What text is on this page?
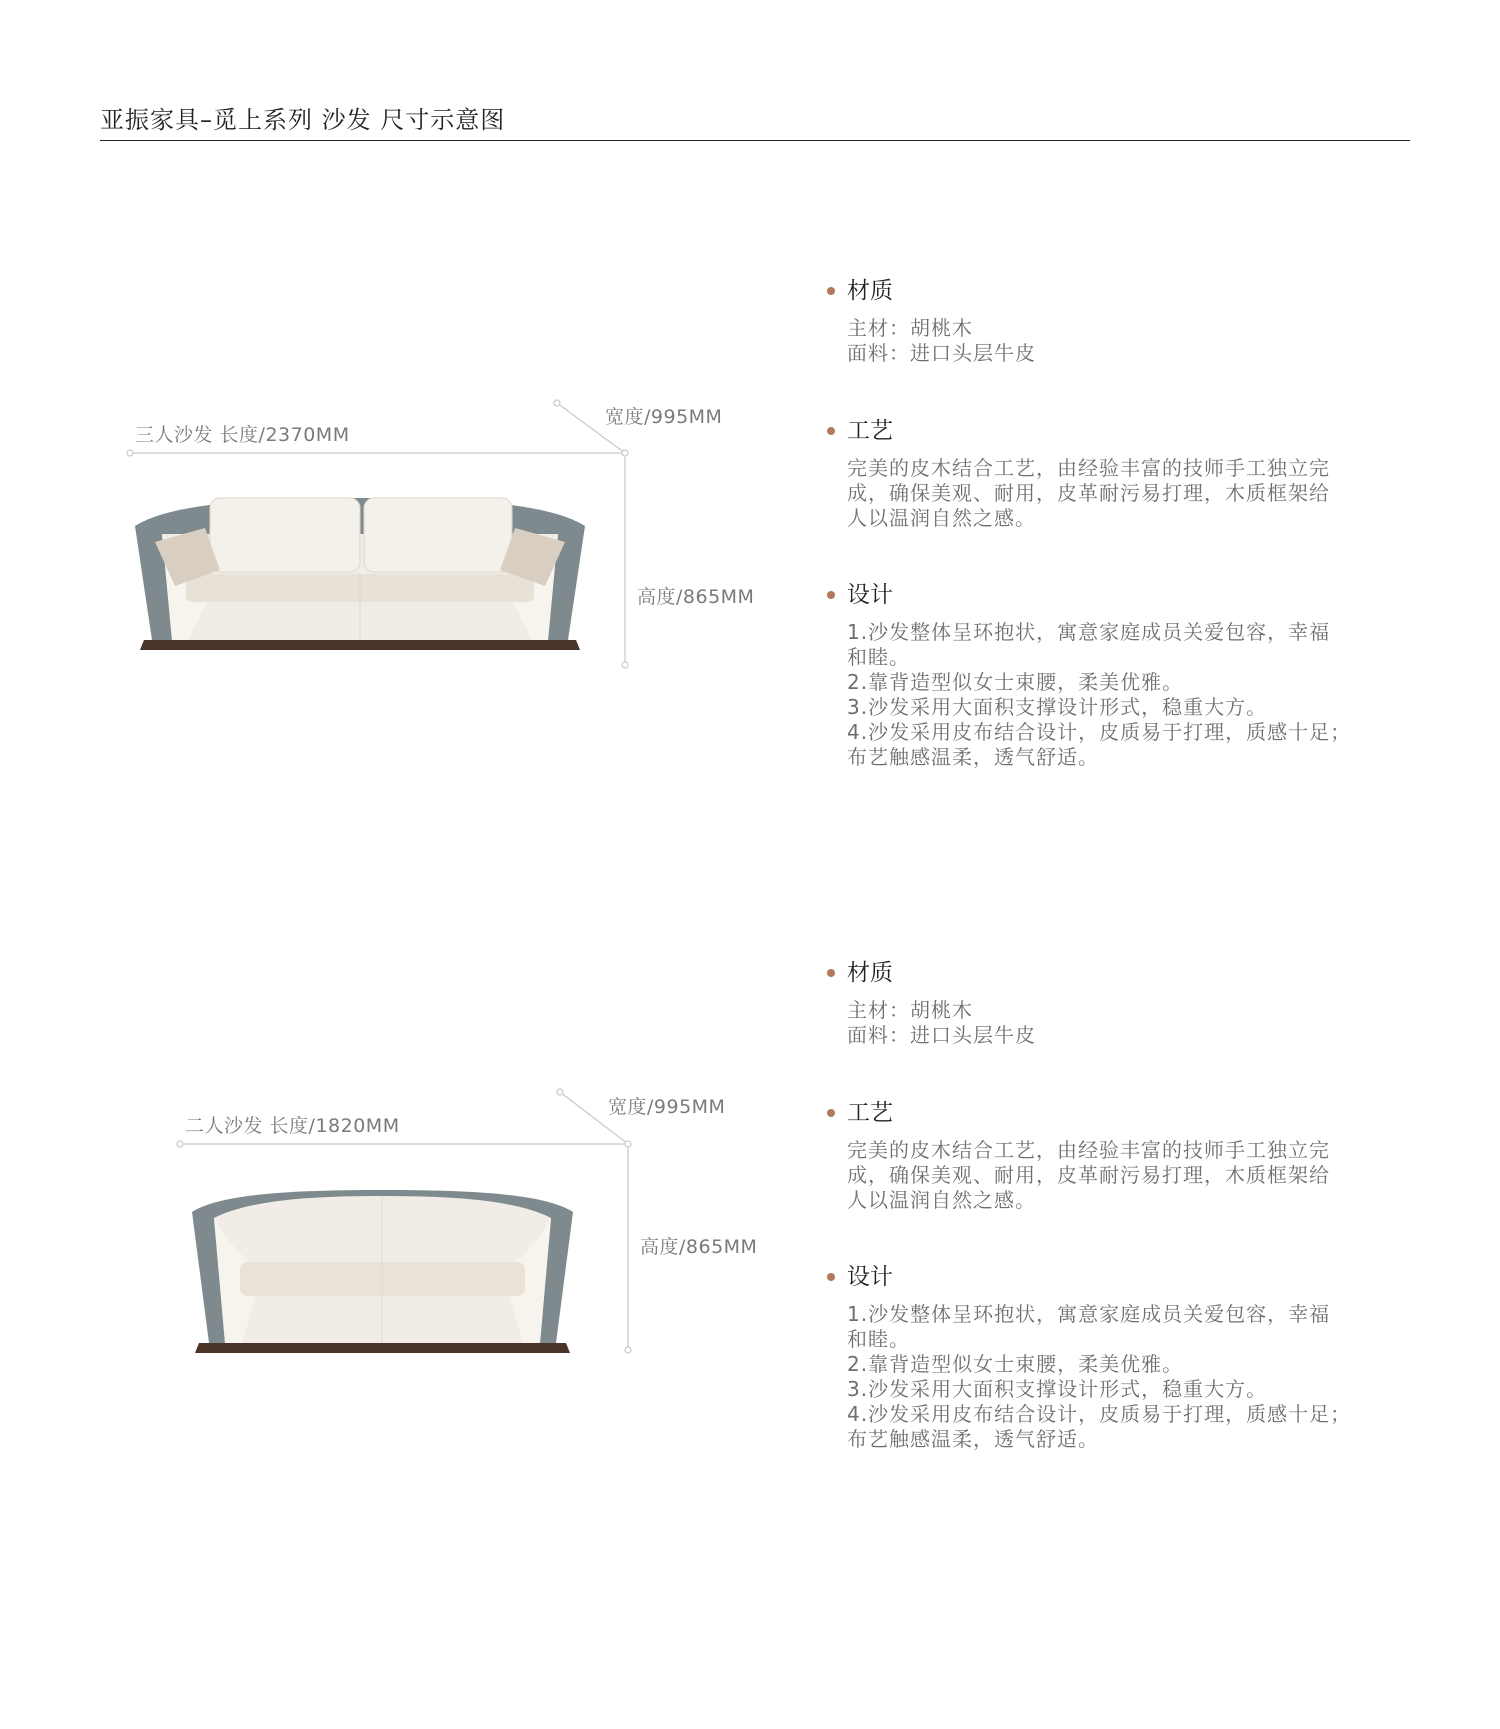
亚振家具–觅上系列 沙发 尺寸示意图
三人沙发 长度/2370MM
宽度/995MM
高度/865MM
材质
主材：胡桃木
面料：进口头层牛皮
工艺
完美的皮木结合工艺，由经验丰富的技师手工独立完
成，确保美观、耐用，皮革耐污易打理，木质框架给
人以温润自然之感。
设计
1.沙发整体呈环抱状，寓意家庭成员关爱包容，幸福
和睦。
2.靠背造型似女士束腰，柔美优雅。
3.沙发采用大面积支撑设计形式，稳重大方。
4.沙发采用皮布结合设计，皮质易于打理，质感十足；
布艺触感温柔，透气舒适。
二人沙发 长度/1820MM
宽度/995MM
高度/865MM
材质
主材：胡桃木
面料：进口头层牛皮
工艺
完美的皮木结合工艺，由经验丰富的技师手工独立完
成，确保美观、耐用，皮革耐污易打理，木质框架给
人以温润自然之感。
设计
1.沙发整体呈环抱状，寓意家庭成员关爱包容，幸福
和睦。
2.靠背造型似女士束腰，柔美优雅。
3.沙发采用大面积支撑设计形式，稳重大方。
4.沙发采用皮布结合设计，皮质易于打理，质感十足；
布艺触感温柔，透气舒适。
